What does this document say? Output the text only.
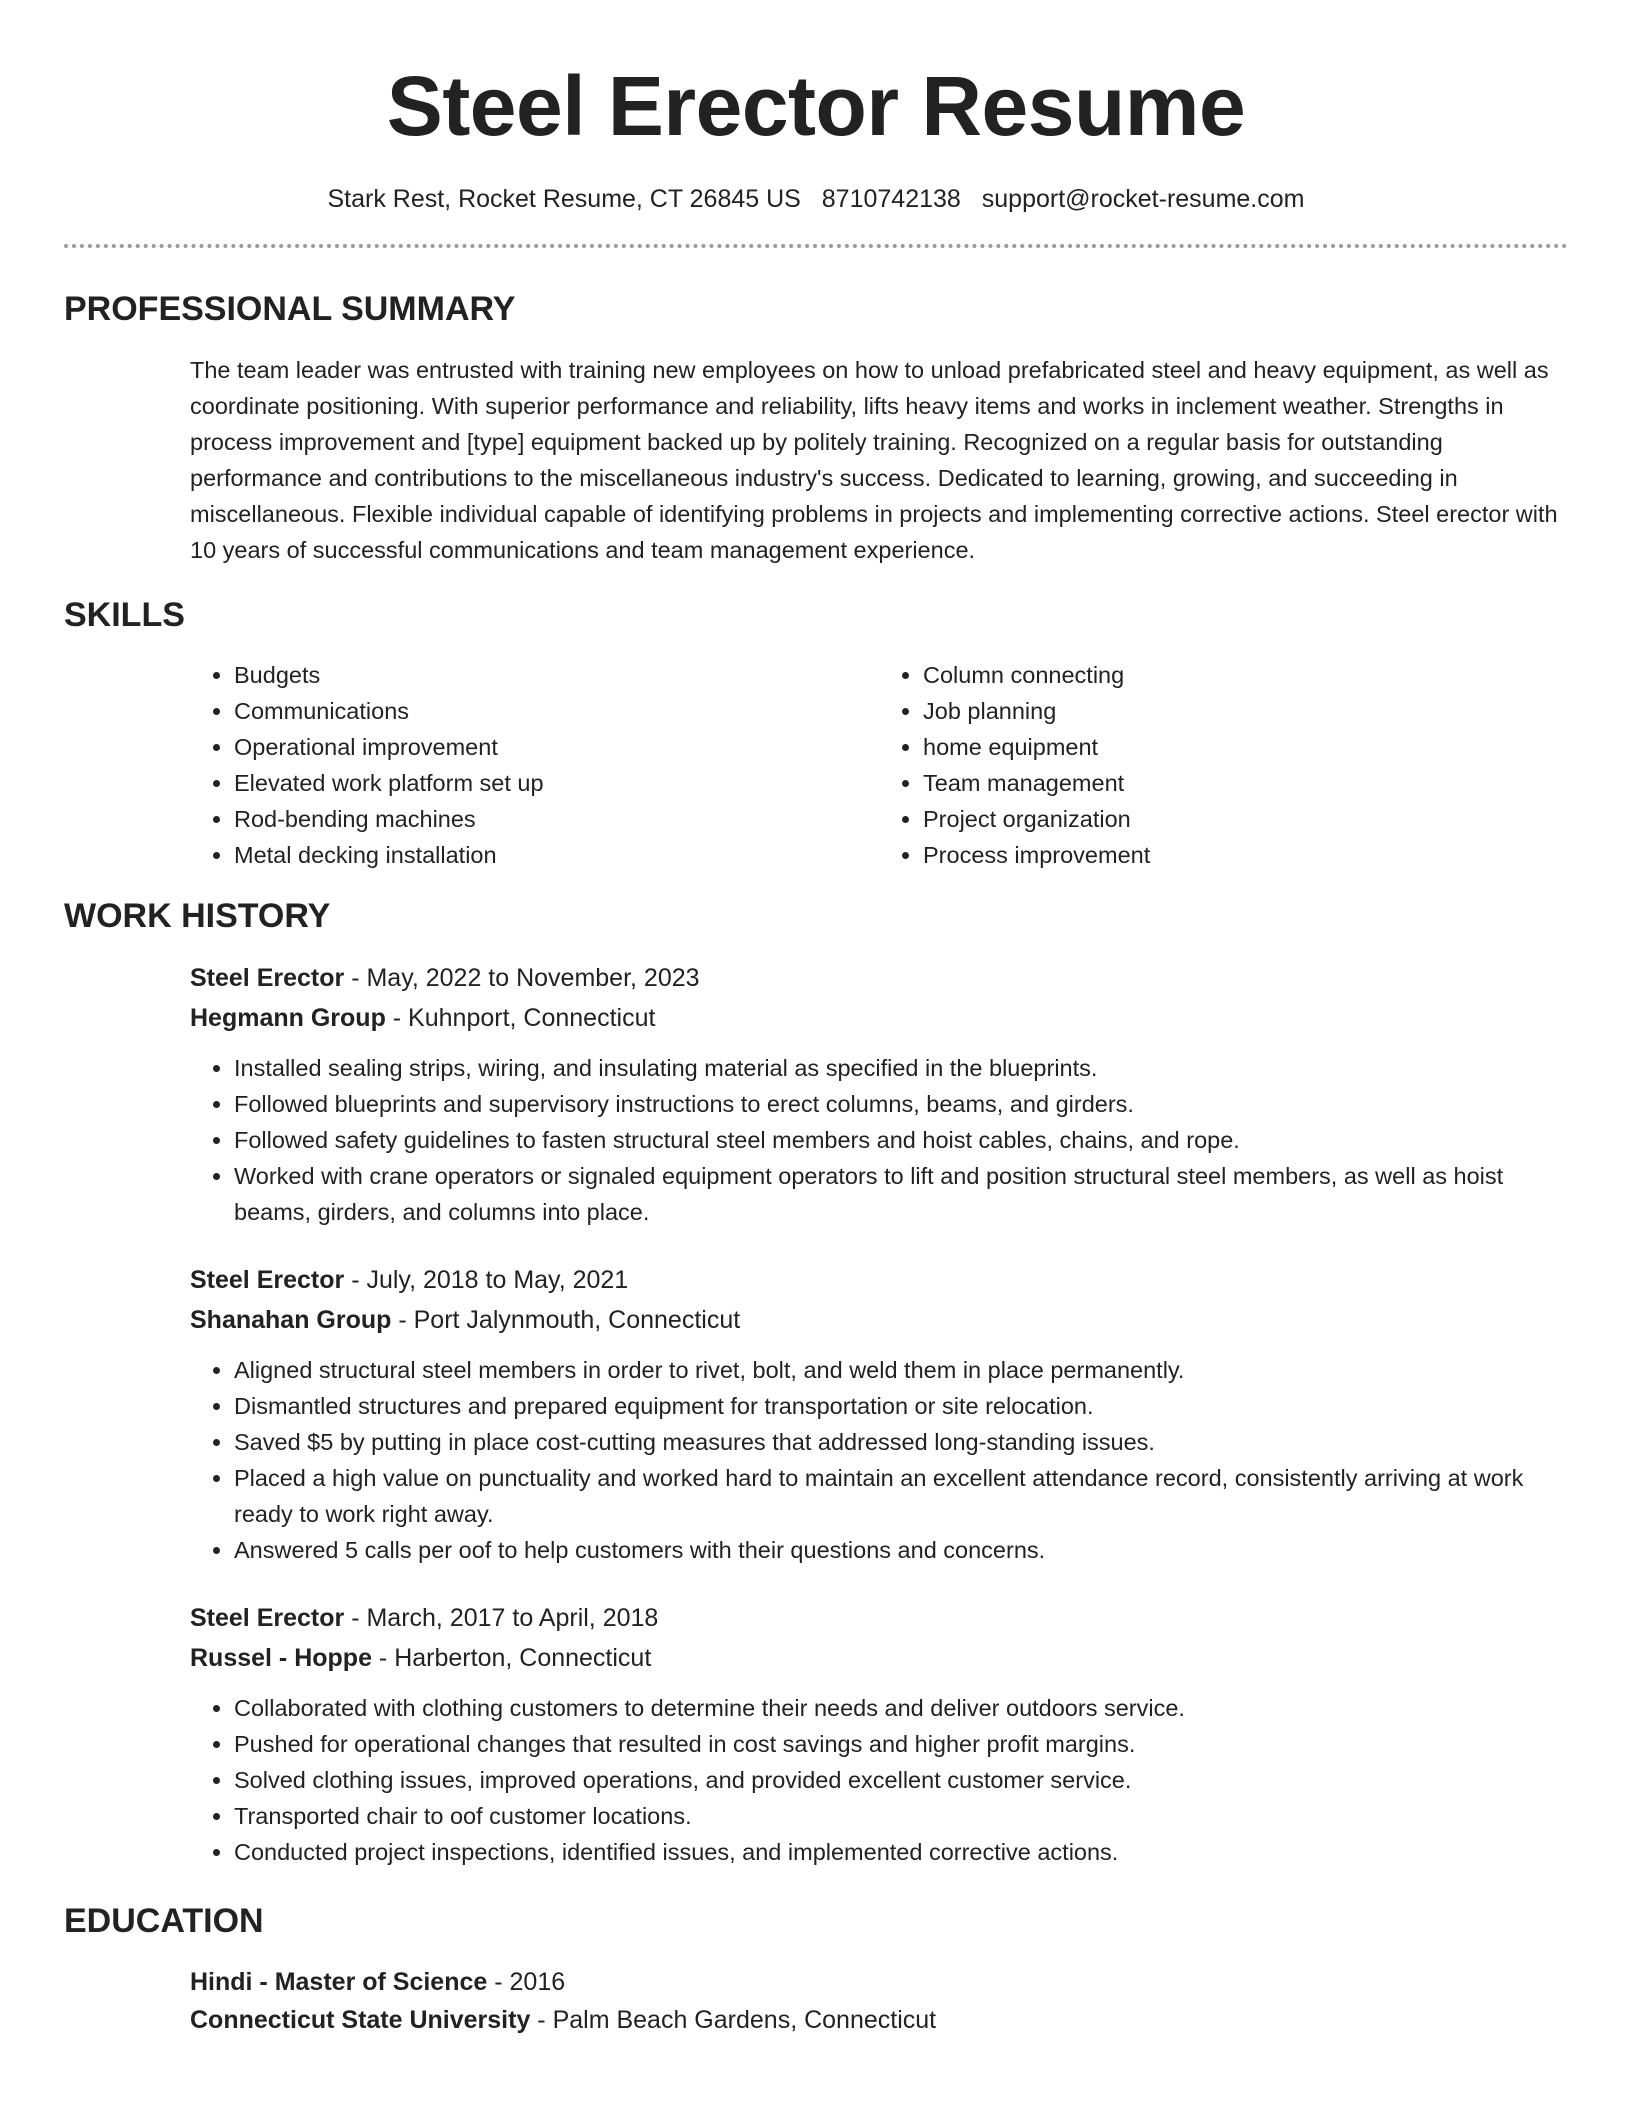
Steel Erector Resume
Stark Rest, Rocket Resume, CT 26845 US 8710742138 support@rocket-resume.com
PROFESSIONAL SUMMARY
The team leader was entrusted with training new employees on how to unload prefabricated steel and heavy equipment, as well as coordinate positioning. With superior performance and reliability, lifts heavy items and works in inclement weather. Strengths in process improvement and [type] equipment backed up by politely training. Recognized on a regular basis for outstanding performance and contributions to the miscellaneous industry's success. Dedicated to learning, growing, and succeeding in miscellaneous. Flexible individual capable of identifying problems in projects and implementing corrective actions. Steel erector with 10 years of successful communications and team management experience.
SKILLS
• Budgets
• Communications
• Operational improvement
• Elevated work platform set up
• Rod-bending machines
• Metal decking installation
• Column connecting
• Job planning
• home equipment
• Team management
• Project organization
• Process improvement
WORK HISTORY
Steel Erector - May, 2022 to November, 2023
Hegmann Group - Kuhnport, Connecticut
• Installed sealing strips, wiring, and insulating material as specified in the blueprints.
• Followed blueprints and supervisory instructions to erect columns, beams, and girders.
• Followed safety guidelines to fasten structural steel members and hoist cables, chains, and rope.
• Worked with crane operators or signaled equipment operators to lift and position structural steel members, as well as hoist beams, girders, and columns into place.
Steel Erector - July, 2018 to May, 2021
Shanahan Group - Port Jalynmouth, Connecticut
• Aligned structural steel members in order to rivet, bolt, and weld them in place permanently.
• Dismantled structures and prepared equipment for transportation or site relocation.
• Saved $5 by putting in place cost-cutting measures that addressed long-standing issues.
• Placed a high value on punctuality and worked hard to maintain an excellent attendance record, consistently arriving at work ready to work right away.
• Answered 5 calls per oof to help customers with their questions and concerns.
Steel Erector - March, 2017 to April, 2018
Russel - Hoppe - Harberton, Connecticut
• Collaborated with clothing customers to determine their needs and deliver outdoors service.
• Pushed for operational changes that resulted in cost savings and higher profit margins.
• Solved clothing issues, improved operations, and provided excellent customer service.
• Transported chair to oof customer locations.
• Conducted project inspections, identified issues, and implemented corrective actions.
EDUCATION
Hindi - Master of Science - 2016
Connecticut State University - Palm Beach Gardens, Connecticut
